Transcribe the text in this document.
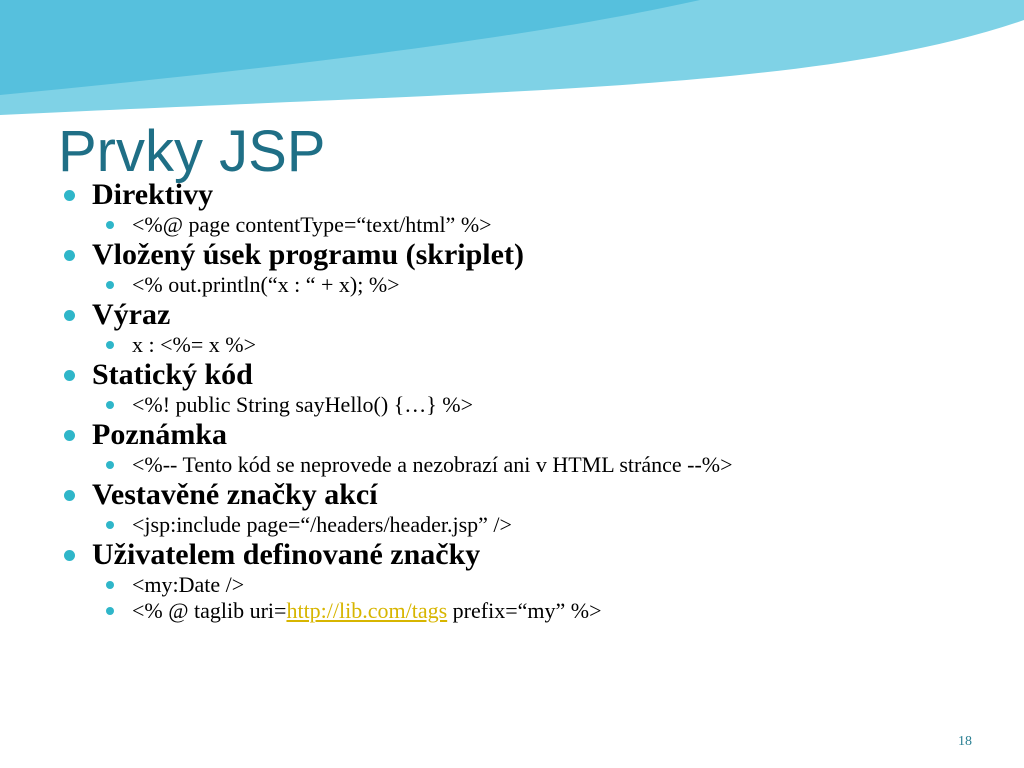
Prvky JSP
Direktivy
<%@ page contentType=“text/html” %>
Vložený úsek programu (skriplet)
<% out.println(“x : “ + x); %>
Výraz
x : <%= x %>
Statický kód
<%! public String sayHello() {…} %>
Poznámka
<%-- Tento kód se neprovede a nezobrazí ani v HTML stránce --%>
Vestavěné značky akcí
<jsp:include page=“/headers/header.jsp” />
Uživatelem definované značky
<my:Date />
<% @ taglib uri=http://lib.com/tags prefix=“my” %>
18
